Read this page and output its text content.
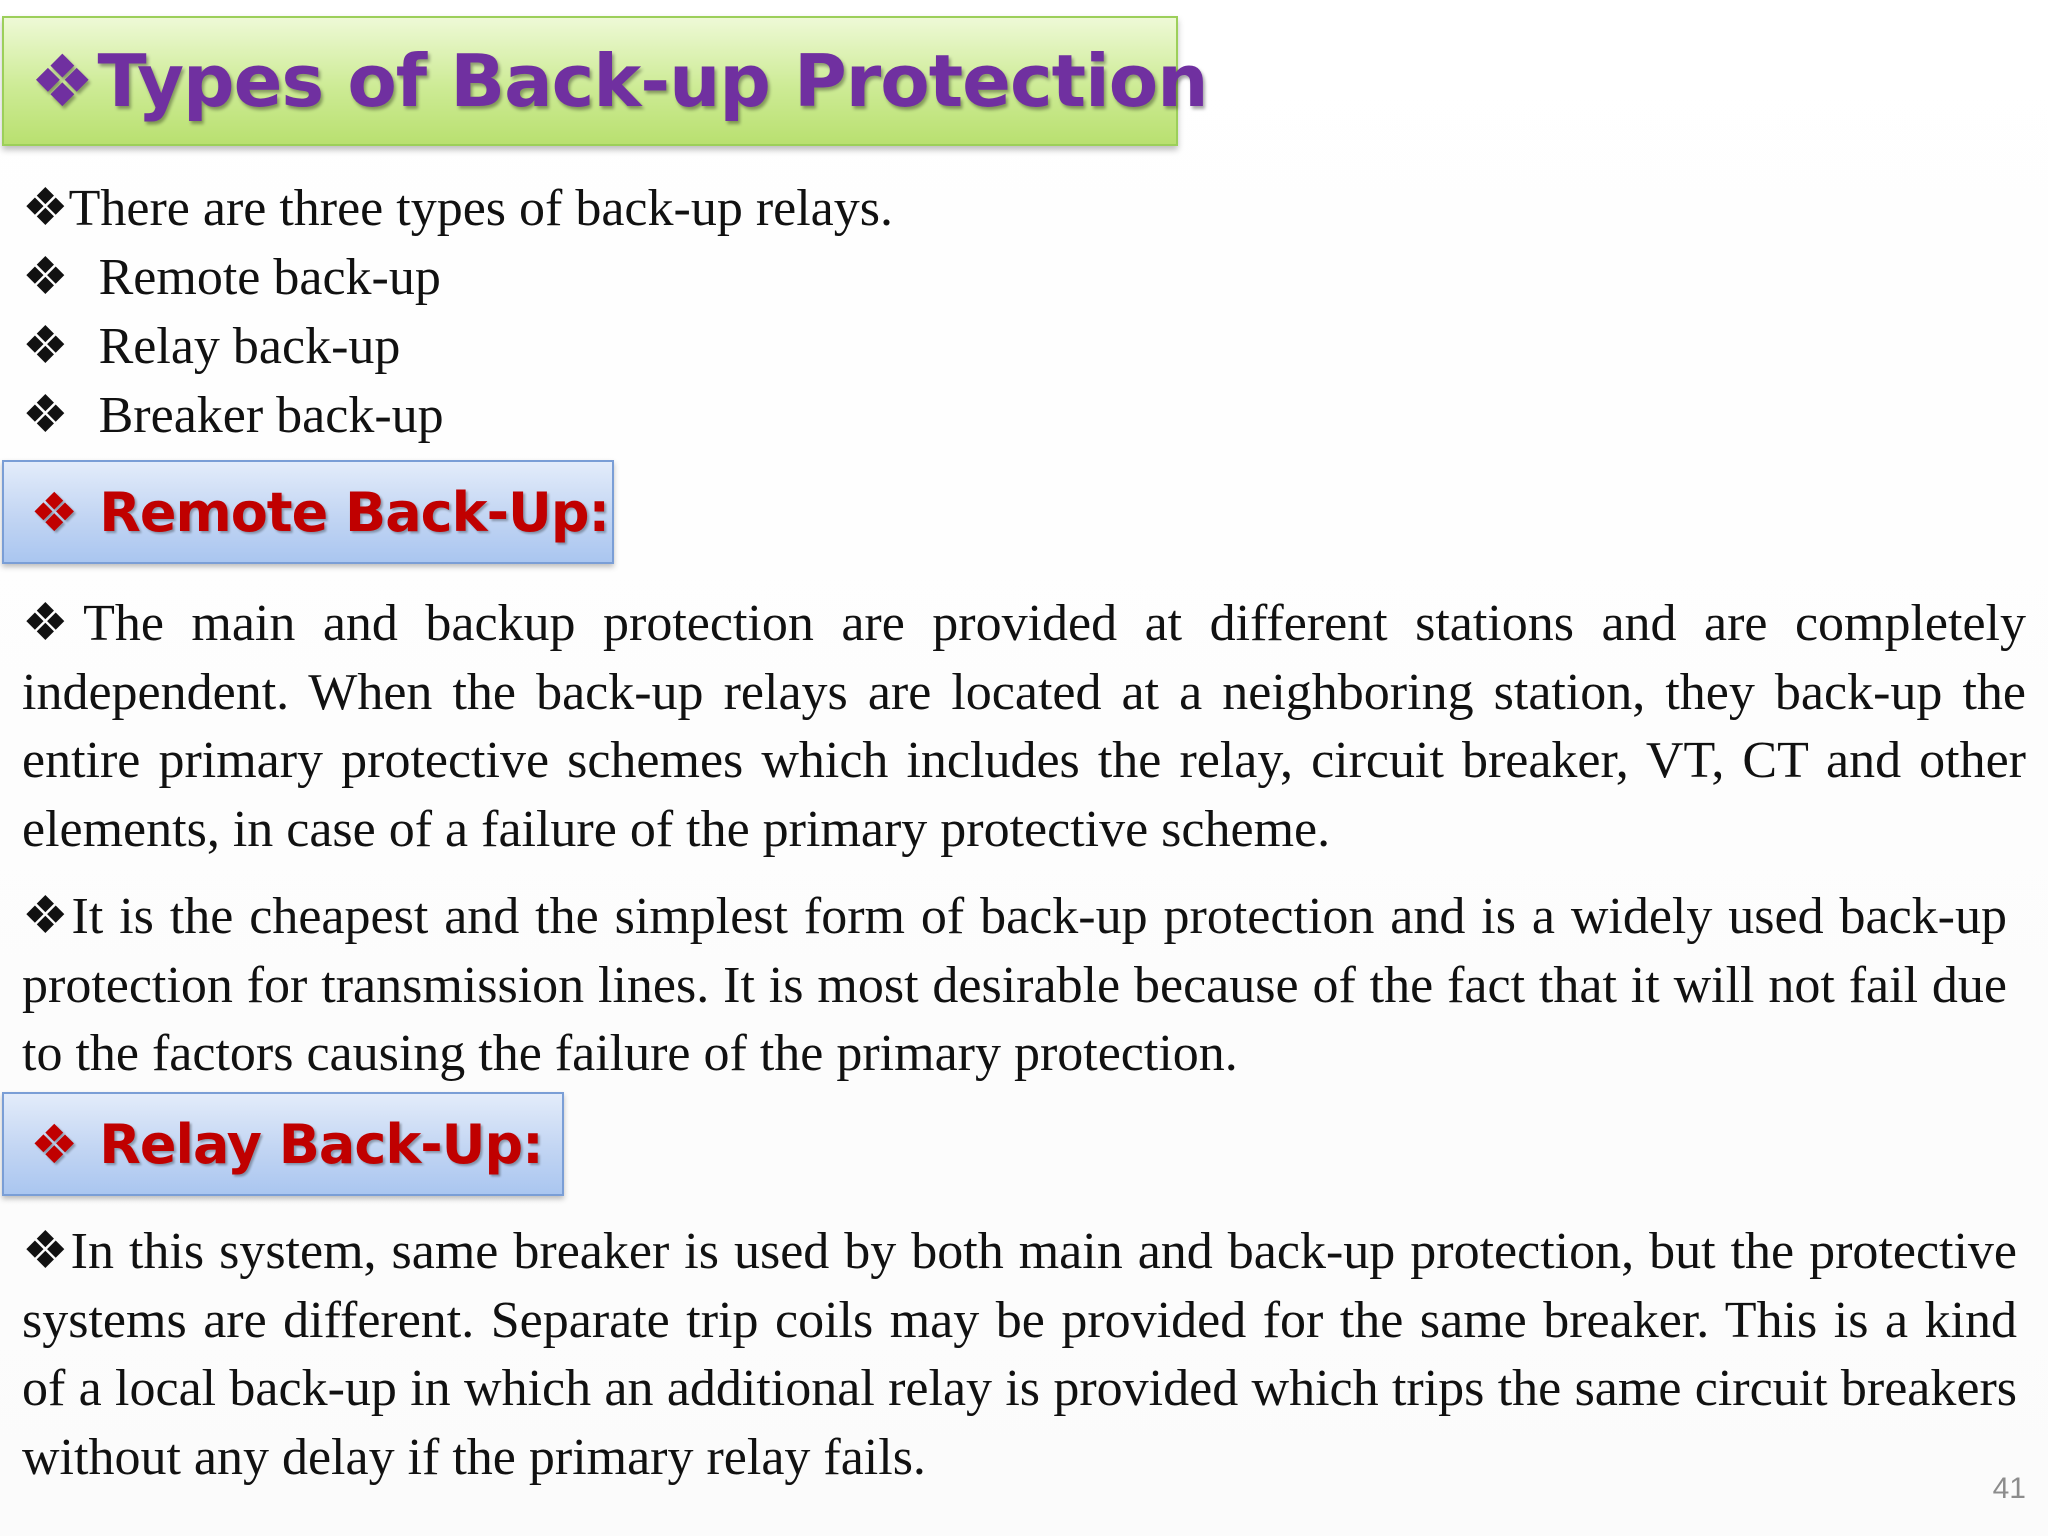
❖Types of Back-up Protection
❖There are three types of back-up relays.
❖ Remote back-up
❖ Relay back-up
❖ Breaker back-up
❖ Remote Back-Up:

❖The main and backup protection are provided at different stations and are completely independent. When the back-up relays are located at a neighboring station, they back-up the entire primary protective schemes which includes the relay, circuit breaker, VT, CT and other elements, in case of a failure of the primary protective scheme.

❖It is the cheapest and the simplest form of back-up protection and is a widely used back-up protection for transmission lines. It is most desirable because of the fact that it will not fail due to the factors causing the failure of the primary protection.

❖ Relay Back-Up:

❖In this system, same breaker is used by both main and back-up protection, but the protective systems are different. Separate trip coils may be provided for the same breaker. This is a kind of a local back-up in which an additional relay is provided which trips the same circuit breakers without any delay if the primary relay fails.

41
